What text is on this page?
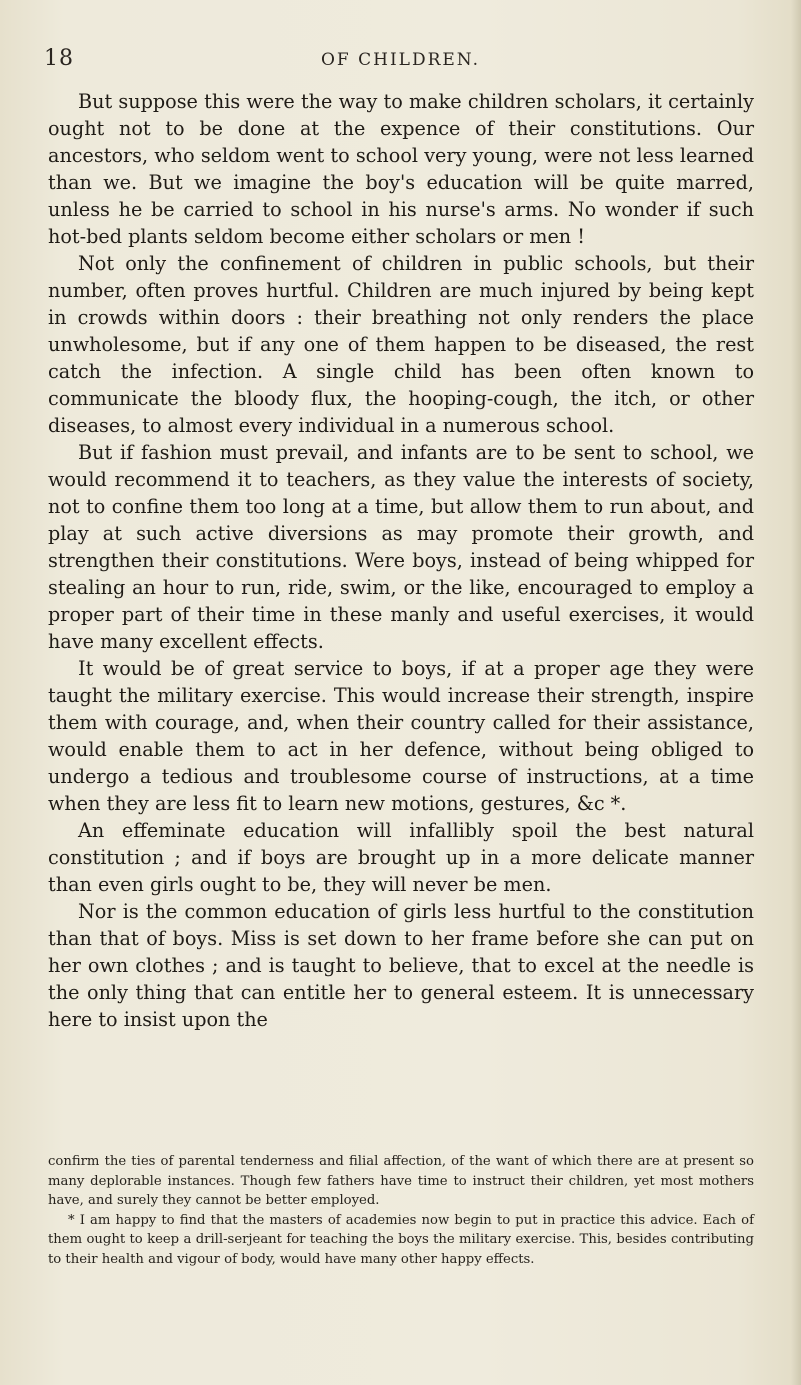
18	OF CHILDREN.

But suppose this were the way to make children scholars, it certainly ought not to be done at the expence of their constitutions. Our ancestors, who seldom went to school very young, were not less learned than we. But we imagine the boy's education will be quite marred, unless he be carried to school in his nurse's arms. No wonder if such hot-bed plants seldom become either scholars or men !

Not only the confinement of children in public schools, but their number, often proves hurtful. Children are much injured by being kept in crowds within doors : their breathing not only renders the place unwholesome, but if any one of them happen to be diseased, the rest catch the infection. A single child has been often known to communicate the bloody flux, the hooping-cough, the itch, or other diseases, to almost every individual in a numerous school.

But if fashion must prevail, and infants are to be sent to school, we would recommend it to teachers, as they value the interests of society, not to confine them too long at a time, but allow them to run about, and play at such active diversions as may promote their growth, and strengthen their constitutions. Were boys, instead of being whipped for stealing an hour to run, ride, swim, or the like, encouraged to employ a proper part of their time in these manly and useful exercises, it would have many excellent effects.

It would be of great service to boys, if at a proper age they were taught the military exercise. This would increase their strength, inspire them with courage, and, when their country called for their assistance, would enable them to act in her defence, without being obliged to undergo a tedious and troublesome course of instructions, at a time when they are less fit to learn new motions, gestures, &c *.

An effeminate education will infallibly spoil the best natural constitution ; and if boys are brought up in a more delicate manner than even girls ought to be, they will never be men.

Nor is the common education of girls less hurtful to the constitution than that of boys. Miss is set down to her frame before she can put on her own clothes ; and is taught to believe, that to excel at the needle is the only thing that can entitle her to general esteem. It is unnecessary here to insist upon the

confirm the ties of parental tenderness and filial affection, of the want of which there are at present so many deplorable instances. Though few fathers have time to instruct their children, yet most mothers have, and surely they cannot be better employed.

* I am happy to find that the masters of academies now begin to put in practice this advice. Each of them ought to keep a drill-serjeant for teaching the boys the military exercise. This, besides contributing to their health and vigour of body, would have many other happy effects.
